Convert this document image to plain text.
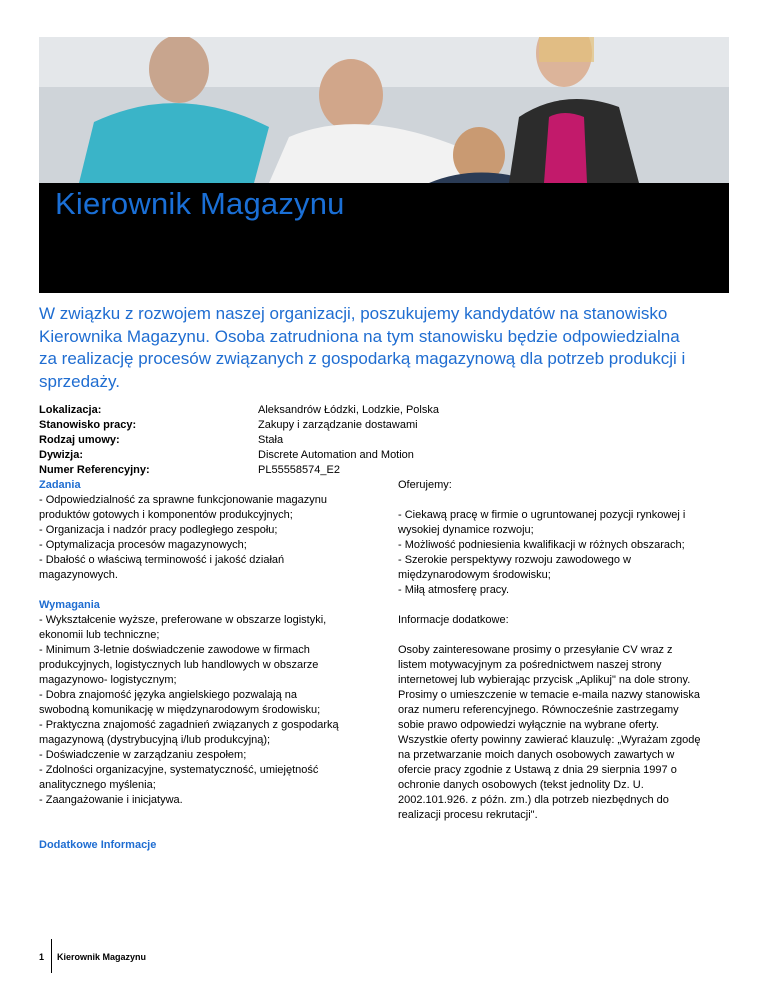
Kierownik Magazynu
W związku z rozwojem naszej organizacji, poszukujemy kandydatów na stanowisko Kierownika Magazynu. Osoba zatrudniona na tym stanowisku będzie odpowiedzialna za realizację procesów związanych z gospodarką magazynową dla potrzeb produkcji i sprzedaży.
Lokalizacja:	Aleksandrów Łódzki, Lodzkie, Polska
Stanowisko pracy:	Zakupy i zarządzanie dostawami
Rodzaj umowy:	Stała
Dywizja:	Discrete Automation and Motion
Numer Referencyjny:	PL55558574_E2
Zadania
- Odpowiedzialność za sprawne funkcjonowanie magazynu
produktów gotowych i komponentów produkcyjnych;
- Organizacja i nadzór pracy podległego zespołu;
- Optymalizacja procesów magazynowych;
- Dbałość o właściwą terminowość i jakość działań
magazynowych.
Wymagania
- Wykształcenie wyższe, preferowane w obszarze logistyki,
ekonomii lub techniczne;
- Minimum 3-letnie doświadczenie zawodowe w firmach
produkcyjnych, logistycznych lub handlowych w obszarze
magazynowo- logistycznym;
- Dobra znajomość języka angielskiego pozwalają na
swobodną komunikację w międzynarodowym środowisku;
- Praktyczna znajomość zagadnień związanych z gospodarką
magazynową (dystrybucyjną i/lub produkcyjną);
- Doświadczenie w zarządzaniu zespołem;
- Zdolności organizacyjne, systematyczność, umiejętność
analitycznego myślenia;
- Zaangażowanie i inicjatywa.
Dodatkowe Informacje
Oferujemy:
- Ciekawą pracę w firmie o ugruntowanej pozycji rynkowej i
wysokiej dynamice rozwoju;
- Możliwość podniesienia kwalifikacji w różnych obszarach;
- Szerokie perspektywy rozwoju zawodowego w
międzynarodowym środowisku;
- Miłą atmosferę pracy.
Informacje dodatkowe:
Osoby zainteresowane prosimy o przesyłanie CV wraz z
listem motywacyjnym za pośrednictwem naszej strony
internetowej lub wybierając przycisk „Aplikuj" na dole strony.
Prosimy o umieszczenie w temacie e-maila nazwy stanowiska
oraz numeru referencyjnego. Równocześnie zastrzegamy
sobie prawo odpowiedzi wyłącznie na wybrane oferty.
Wszystkie oferty powinny zawierać klauzulę: „Wyrażam zgodę
na przetwarzanie moich danych osobowych zawartych w
ofercie pracy zgodnie z Ustawą z dnia 29 sierpnia 1997 o
ochronie danych osobowych (tekst jednolity Dz. U.
2002.101.926. z późn. zm.) dla potrzeb niezbędnych do
realizacji procesu rekrutacji".
1 Kierownik Magazynu
